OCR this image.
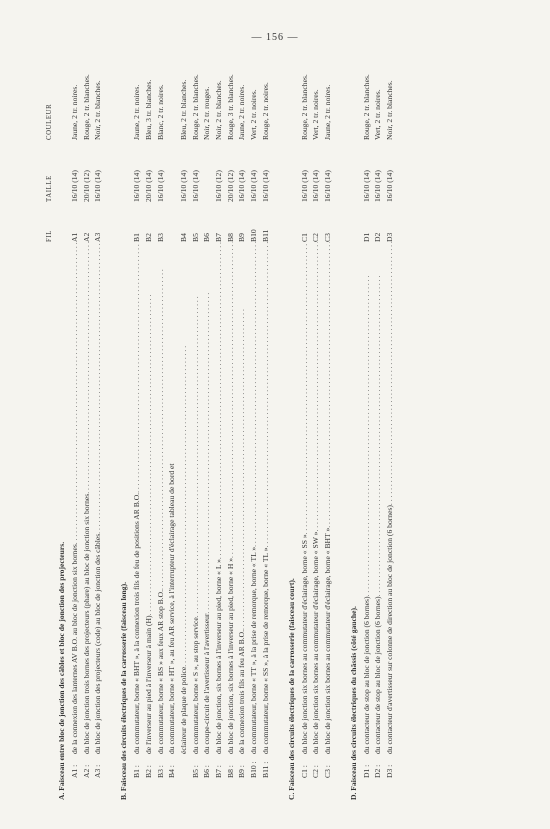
— 156 —
FIL
TAILLE
COULEUR
A. Faisceau entre bloc de jonction des câbles et bloc de jonction des projecteurs. A1 :
de la connexion des lanternes AV B.O. au bloc de jonction six bornes
. . .
A1
16/10 (14)
Jaune, 2 tr. noires.
A2 :
du bloc de jonction trois bornes des projecteurs (phare) au bloc de jonction six bornes
. . .
A2
20/10 (12)
Rouge, 2 tr. blanches.
A3 :
du bloc de jonction des projecteurs (code) au bloc de jonction des câbles
. . .
A3
16/10 (14)
Noir, 2 tr. blanches.
B. Faisceau des circuits électriques de la carrosserie (faisceau long). B1 :
du commutateur, borne « BHT », à la connexion trois fils de feu de positions AR B.O.
. . .
B1
16/10 (14)
Jaune, 2 tr. noires.
B2 :
de l'inverseur au pied à l'inverseur à main (H)
. . .
B2
20/10 (14)
Bleu, 3 tr. blanches.
B3 :
du commutateur, borne « BS » aux feux AR stop B.O.
. . .
B3
16/10 (14)
Blanc, 2 tr. noires.
B4 :
du commutateur, borne « HT », au feu AR service, à l'interrupteur d'éclairage tableau de bord et éclaireur de plaque de police
. . .
B4
16/10 (14)
Bleu, 2 tr. blanches.
B5 :
du commutateur, borne « S », au stop service
. . .
B5
16/10 (14)
Rouge, 2 tr. blanches.
B6 :
du coupe-circuit de l'avertisseur à l'avertisseur
. . .
B6
Noir, 2 tr. rouges.
B7 :
du bloc de jonction, six bornes à l'inverseur au pied, borne « L »
. . .
B7
16/10 (12)
Noir, 2 tr. blanches.
B8 :
du bloc de jonction, six bornes à l'inverseur au pied, borne « H »
. . .
B8
20/10 (12)
Rouge, 3 tr. blanches.
B9 :
de la connexion trois fils au feu AR B.O.
. . .
B9
16/10 (14)
Jaune, 2 tr. noires.
B10 :
du commutateur, borne « TT », à la prise de remorque, borne « TL »
. . .
B10
16/10 (14)
Vert, 2 tr. noires.
B11 :
du commutateur, borne « SS », à la prise de remorque, borne « TL »
. . .
B11
16/10 (14)
Rouge, 2 tr. noires.
C. Faisceau des circuits électriques de la carrosserie (faisceau court). C1 :
du bloc de jonction six bornes au commutateur d'éclairage, borne « SS »
. . .
C1
16/10 (14)
Rouge, 2 tr. blanches.
C2 :
du bloc de jonction six bornes au commutateur d'éclairage, borne « SW »
. . .
C2
16/10 (14)
Vert, 2 tr. noires.
C3 :
du bloc de jonction six bornes au commutateur d'éclairage, borne « BHT »
. . .
C3
16/10 (14)
Jaune, 2 tr. noires.
D. Faisceau des circuits électriques du châssis (côté gauche). D1 :
du contacteur de stop au bloc de jonction (6 bornes)
. . .
D1
16/10 (14)
Rouge, 2 tr. blanches.
D2 :
du contacteur de stop au bloc de jonction (6 bornes)
. . .
D2
16/10 (14)
Vert, 2 tr. noires.
D3 :
du contacteur d'avertisseur sur colonne de direction au bloc de jonction (6 bornes)
. . .
D3
16/10 (14)
Noir, 2 tr. blanches.
